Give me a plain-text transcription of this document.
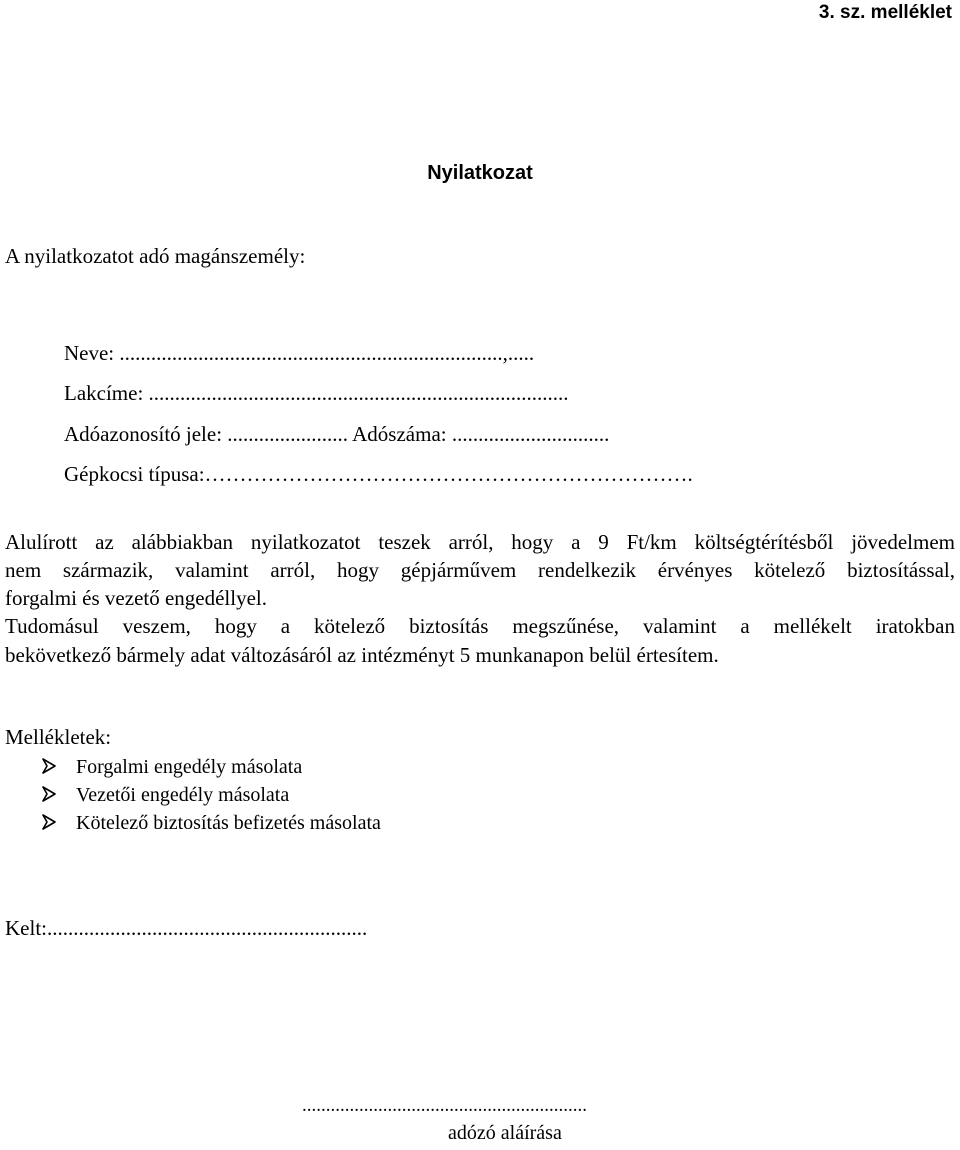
3. sz. melléklet
Nyilatkozat
A nyilatkozatot adó magánszemély:
Neve: .........................................................................,.....
Lakcíme: ................................................................................
Adóazonosító jele: ....................... Adószáma: ..............................
Gépkocsi típusa:…………………………………………………………….
Alulírott az alábbiakban nyilatkozatot teszek arról, hogy a 9 Ft/km költségtérítésből jövedelmem
nem származik, valamint arról, hogy gépjárművem rendelkezik érvényes kötelező biztosítással,
forgalmi és vezető engedéllyel.
Tudomásul veszem, hogy a kötelező biztosítás megszűnése, valamint a mellékelt iratokban
bekövetkező bármely adat változásáról az intézményt 5 munkanapon belül értesítem.
Mellékletek:
Forgalmi engedély másolata
Vezetői engedély másolata
Kötelező biztosítás befizetés másolata
Kelt:.............................................................
............................................................
adózó aláírása
